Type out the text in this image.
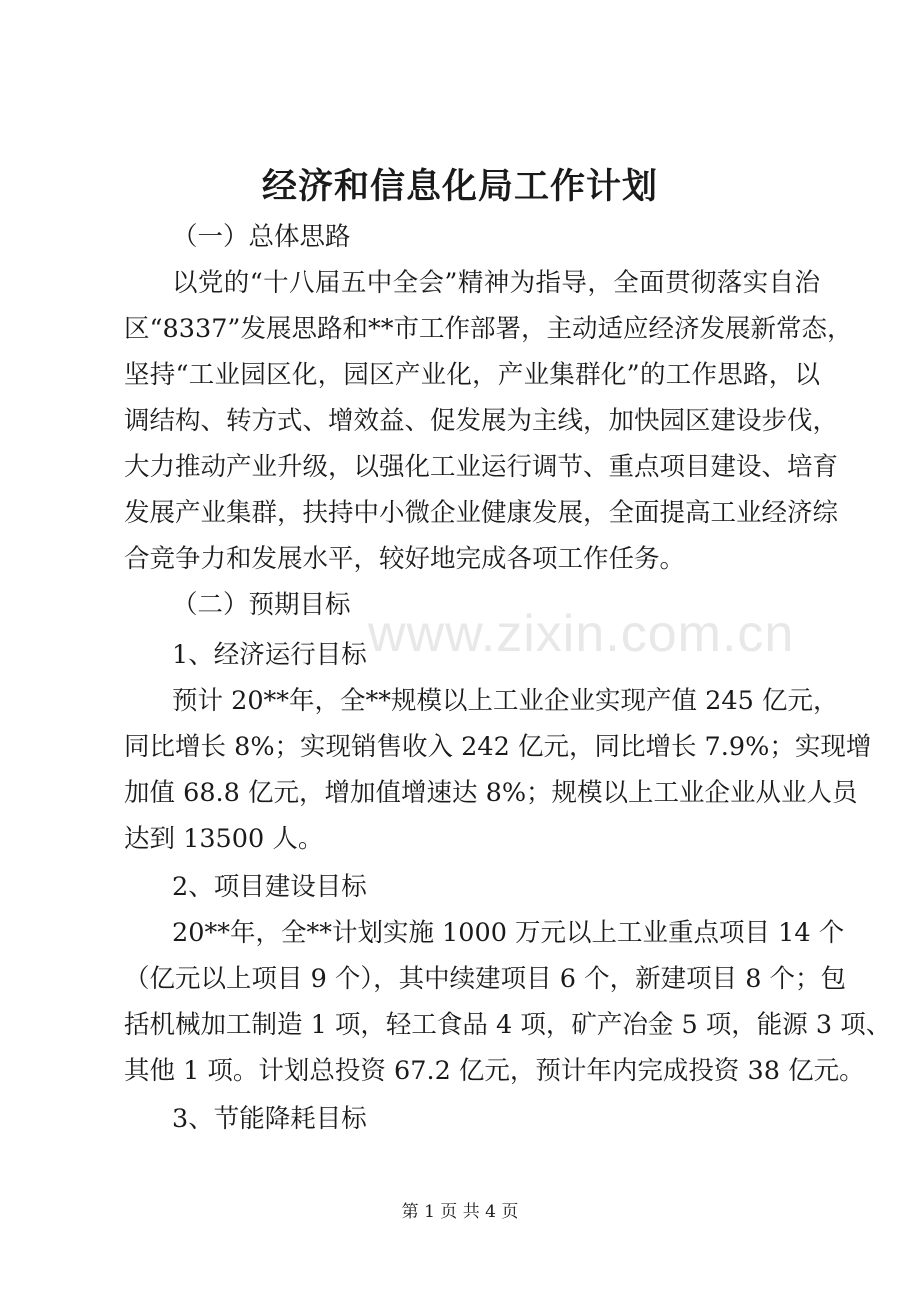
经济和信息化局工作计划
www.zixin.com.cn
（一）总体思路
以党的“十八届五中全会”精神为指导，全面贯彻落实自治
区“8337”发展思路和**市工作部署，主动适应经济发展新常态，
坚持“工业园区化，园区产业化，产业集群化”的工作思路，以
调结构、转方式、增效益、促发展为主线，加快园区建设步伐，
大力推动产业升级，以强化工业运行调节、重点项目建设、培育
发展产业集群，扶持中小微企业健康发展，全面提高工业经济综
合竞争力和发展水平，较好地完成各项工作任务。
（二）预期目标
1、经济运行目标
预计 20**年，全**规模以上工业企业实现产值 245 亿元，
同比增长 8%；实现销售收入 242 亿元，同比增长 7.9%；实现增
加值 68.8 亿元，增加值增速达 8%；规模以上工业企业从业人员
达到 13500 人。
2、项目建设目标
20**年，全**计划实施 1000 万元以上工业重点项目 14 个
（亿元以上项目 9 个），其中续建项目 6 个，新建项目 8 个；包
括机械加工制造 1 项，轻工食品 4 项，矿产冶金 5 项，能源 3 项、
其他 1 项。计划总投资 67.2 亿元，预计年内完成投资 38 亿元。
3、节能降耗目标
第 1 页 共 4 页
